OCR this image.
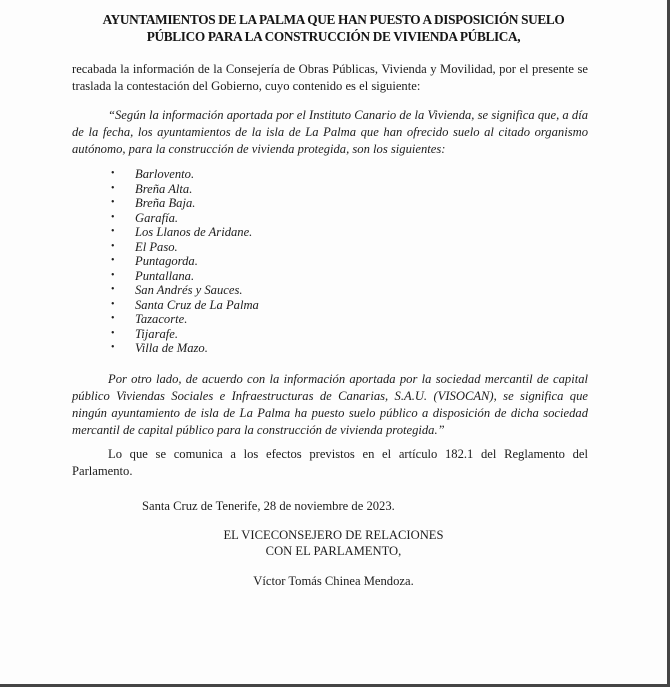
AYUNTAMIENTOS DE LA PALMA QUE HAN PUESTO A DISPOSICIÓN SUELO
PÚBLICO PARA LA CONSTRUCCIÓN DE VIVIENDA PÚBLICA,
recabada la información de la Consejería de Obras Públicas, Vivienda y Movilidad, por el presente se traslada la contestación del Gobierno, cuyo contenido es el siguiente:
“Según la información aportada por el Instituto Canario de la Vivienda, se significa que, a día de la fecha, los ayuntamientos de la isla de La Palma que han ofrecido suelo al citado organismo autónomo, para la construcción de vivienda protegida, son los siguientes:
• Barlovento.
• Breña Alta.
• Breña Baja.
• Garafía.
• Los Llanos de Aridane.
• El Paso.
• Puntagorda.
• Puntallana.
• San Andrés y Sauces.
• Santa Cruz de La Palma
• Tazacorte.
• Tijarafe.
• Villa de Mazo.
Por otro lado, de acuerdo con la información aportada por la sociedad mercantil de capital público Viviendas Sociales e Infraestructuras de Canarias, S.A.U. (VISOCAN), se significa que ningún ayuntamiento de isla de La Palma ha puesto suelo público a disposición de dicha sociedad mercantil de capital público para la construcción de vivienda protegida.”
Lo que se comunica a los efectos previstos en el artículo 182.1 del Reglamento del Parlamento.
Santa Cruz de Tenerife, 28 de noviembre de 2023.
EL VICECONSEJERO DE RELACIONES
CON EL PARLAMENTO,
Víctor Tomás Chinea Mendoza.
